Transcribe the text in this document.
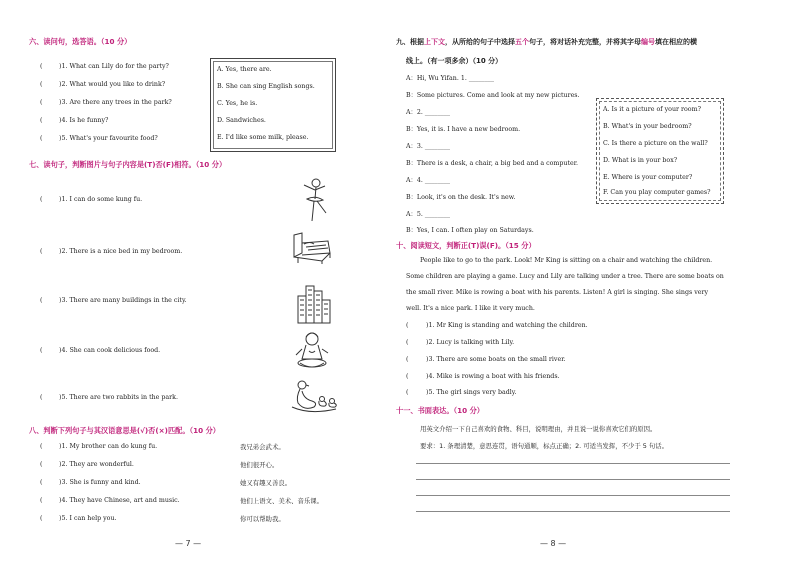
六、读问句，选答语。（10 分）
(	)1. What can Lily do for the party?
(	)2. What would you like to drink?
(	)3. Are there any trees in the park?
(	)4. Is he funny?
(	)5. What's your favourite food?
A. Yes, there are.
B. She can sing English songs.
C. Yes, he is.
D. Sandwiches.
E. I'd like some milk, please.
七、读句子，判断图片与句子内容是(T)否(F)相符。（10 分）
(	)1. I can do some kung fu.
(	)2. There is a nice bed in my bedroom.
(	)3. There are many buildings in the city.
(	)4. She can cook delicious food.
(	)5. There are two rabbits in the park.
八、判断下列句子与其汉语意思是(√)否(×)匹配。（10 分）
(	)1. My brother can do kung fu.	我兄弟会武术。
(	)2. They are wonderful.	他们很开心。
(	)3. She is funny and kind.	她又有趣又善良。
(	)4. They have Chinese, art and music.	他们上语文、美术、音乐课。
(	)5. I can help you.	你可以帮助我。
— 7 —
九、根据上下文，从所给的句子中选择五个句子，将对话补充完整，并将其字母编号填在相应的横
线上。（有一项多余）（10 分）
A：Hi, Wu Yifan. 1. ________
B：Some pictures. Come and look at my new pictures.
A：2. ________
B：Yes, it is. I have a new bedroom.
A：3. ________
B：There is a desk, a chair, a big bed and a computer.
A：4. ________
B：Look, it's on the desk. It's new.
A：5. ________
B：Yes, I can. I often play on Saturdays.
A. Is it a picture of your room?
B. What's in your bedroom?
C. Is there a picture on the wall?
D. What is in your box?
E. Where is your computer?
F. Can you play computer games?
十、阅读短文，判断正(T)误(F)。（15 分）
People like to go to the park. Look! Mr King is sitting on a chair and watching the children.
Some children are playing a game. Lucy and Lily are talking under a tree. There are some boats on
the small river. Mike is rowing a boat with his parents. Listen! A girl is singing. She sings very
well. It's a nice park. I like it very much.
(	)1. Mr King is standing and watching the children.
(	)2. Lucy is talking with Lily.
(	)3. There are some boats on the small river.
(	)4. Mike is rowing a boat with his friends.
(	)5. The girl sings very badly.
十一、书面表达。（10 分）
用英文介绍一下自己喜欢的食物、科目，说明理由，并且说一说你喜欢它们的原因。
要求：1. 条理清楚，意思连贯，语句通顺，标点正确；2. 可适当发挥，不少于 5 句话。
— 8 —
